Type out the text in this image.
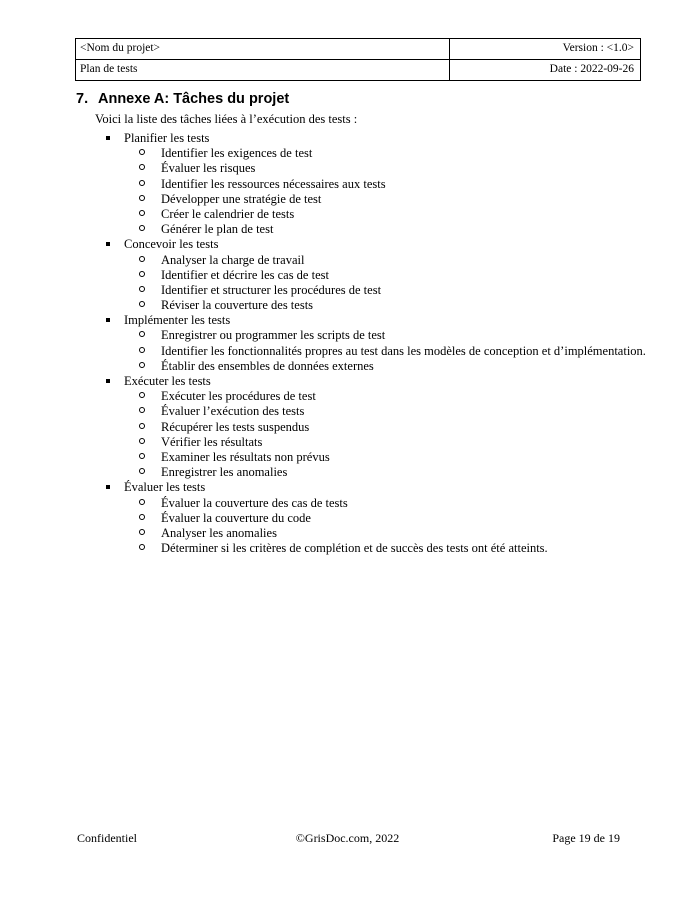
<Nom du projet>	Version : <1.0>
Plan de tests	Date : 2022-09-26
7. Annexe A: Tâches du projet
Voici la liste des tâches liées à l’exécution des tests :
Planifier les tests
Identifier les exigences de test
Évaluer les risques
Identifier les ressources nécessaires aux tests
Développer une stratégie de test
Créer le calendrier de tests
Générer le plan de test
Concevoir les tests
Analyser la charge de travail
Identifier et décrire les cas de test
Identifier et structurer les procédures de test
Réviser la couverture des tests
Implémenter les tests
Enregistrer ou programmer les scripts de test
Identifier les fonctionnalités propres au test dans les modèles de conception et d’implémentation.
Établir des ensembles de données externes
Exécuter les tests
Exécuter les procédures de test
Évaluer l’exécution des tests
Récupérer les tests suspendus
Vérifier les résultats
Examiner les résultats non prévus
Enregistrer les anomalies
Évaluer les tests
Évaluer la couverture des cas de tests
Évaluer la couverture du code
Analyser les anomalies
Déterminer si les critères de complétion et de succès des tests ont été atteints.
Confidentiel	©GrisDoc.com, 2022	Page 19 de 19
